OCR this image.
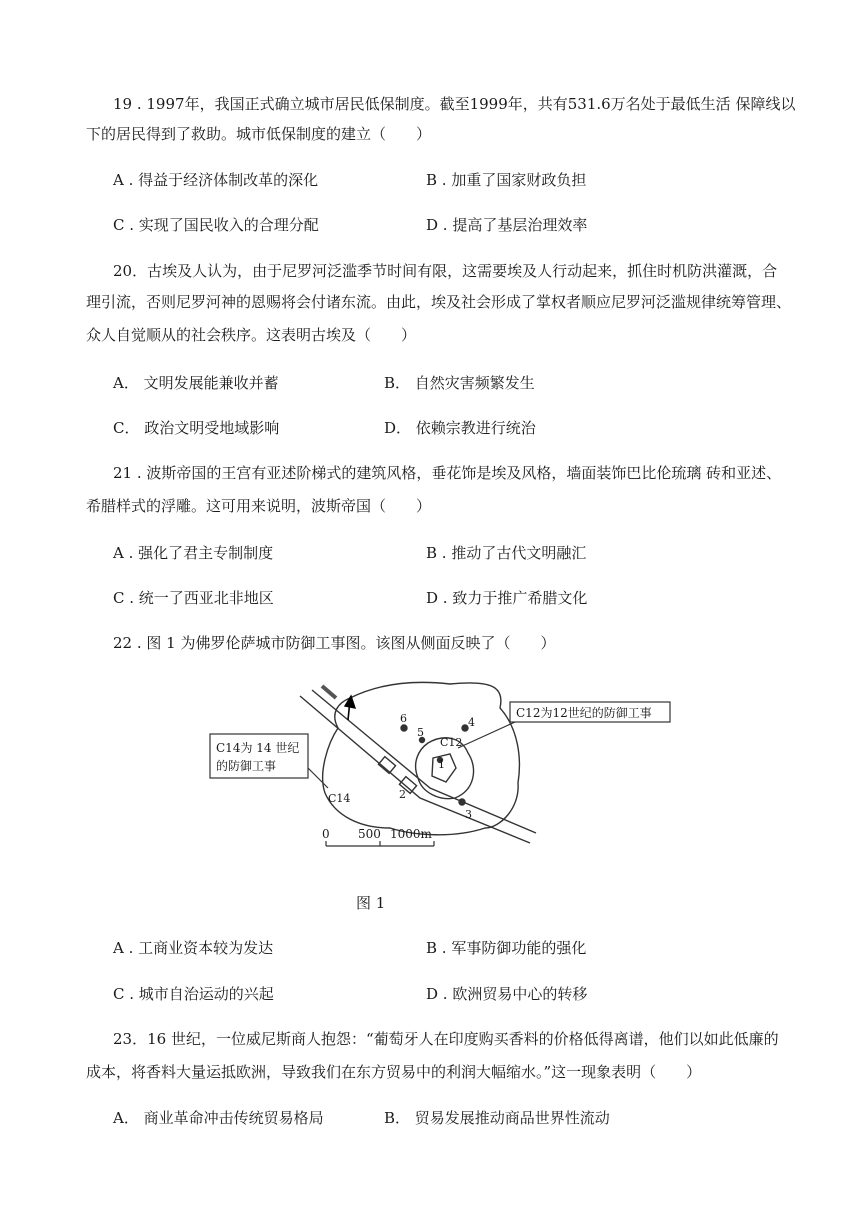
19 . 1997年，我国正式确立城市居民低保制度。截至1999年，共有531.6万名处于最低生活 保障线以
下的居民得到了救助。城市低保制度的建立（　　）
A . 得益于经济体制改革的深化	B . 加重了国家财政负担
C . 实现了国民收入的合理分配	D . 提高了基层治理效率
20．古埃及人认为，由于尼罗河泛滥季节时间有限，这需要埃及人行动起来，抓住时机防洪灌溉，合
理引流，否则尼罗河神的恩赐将会付诸东流。由此，埃及社会形成了掌权者顺应尼罗河泛滥规律统筹管理、
众人自觉顺从的社会秩序。这表明古埃及（　　）
A． 文明发展能兼收并蓄	B． 自然灾害频繁发生
C． 政治文明受地域影响	D． 依赖宗教进行统治
21 . 波斯帝国的王宫有亚述阶梯式的建筑风格，垂花饰是埃及风格，墙面装饰巴比伦琉璃 砖和亚述、
希腊样式的浮雕。这可用来说明，波斯帝国（　　）
A . 强化了君主专制制度	B . 推动了古代文明融汇
C . 统一了西亚北非地区	D . 致力于推广希腊文化
22 . 图 1 为佛罗伦萨城市防御工事图。该图从侧面反映了（　　）
6	4
5
1
2
3
C12
C14
C12为12世纪的防御工事
C14为 14 世纪
的防御工事
0 500 1000m
图 1
A . 工商业资本较为发达	B . 军事防御功能的强化
C . 城市自治运动的兴起	D . 欧洲贸易中心的转移
23．16 世纪，一位威尼斯商人抱怨：“葡萄牙人在印度购买香料的价格低得离谱，他们以如此低廉的
成本，将香料大量运抵欧洲，导致我们在东方贸易中的利润大幅缩水。”这一现象表明（　　）
A． 商业革命冲击传统贸易格局	B． 贸易发展推动商品世界性流动
